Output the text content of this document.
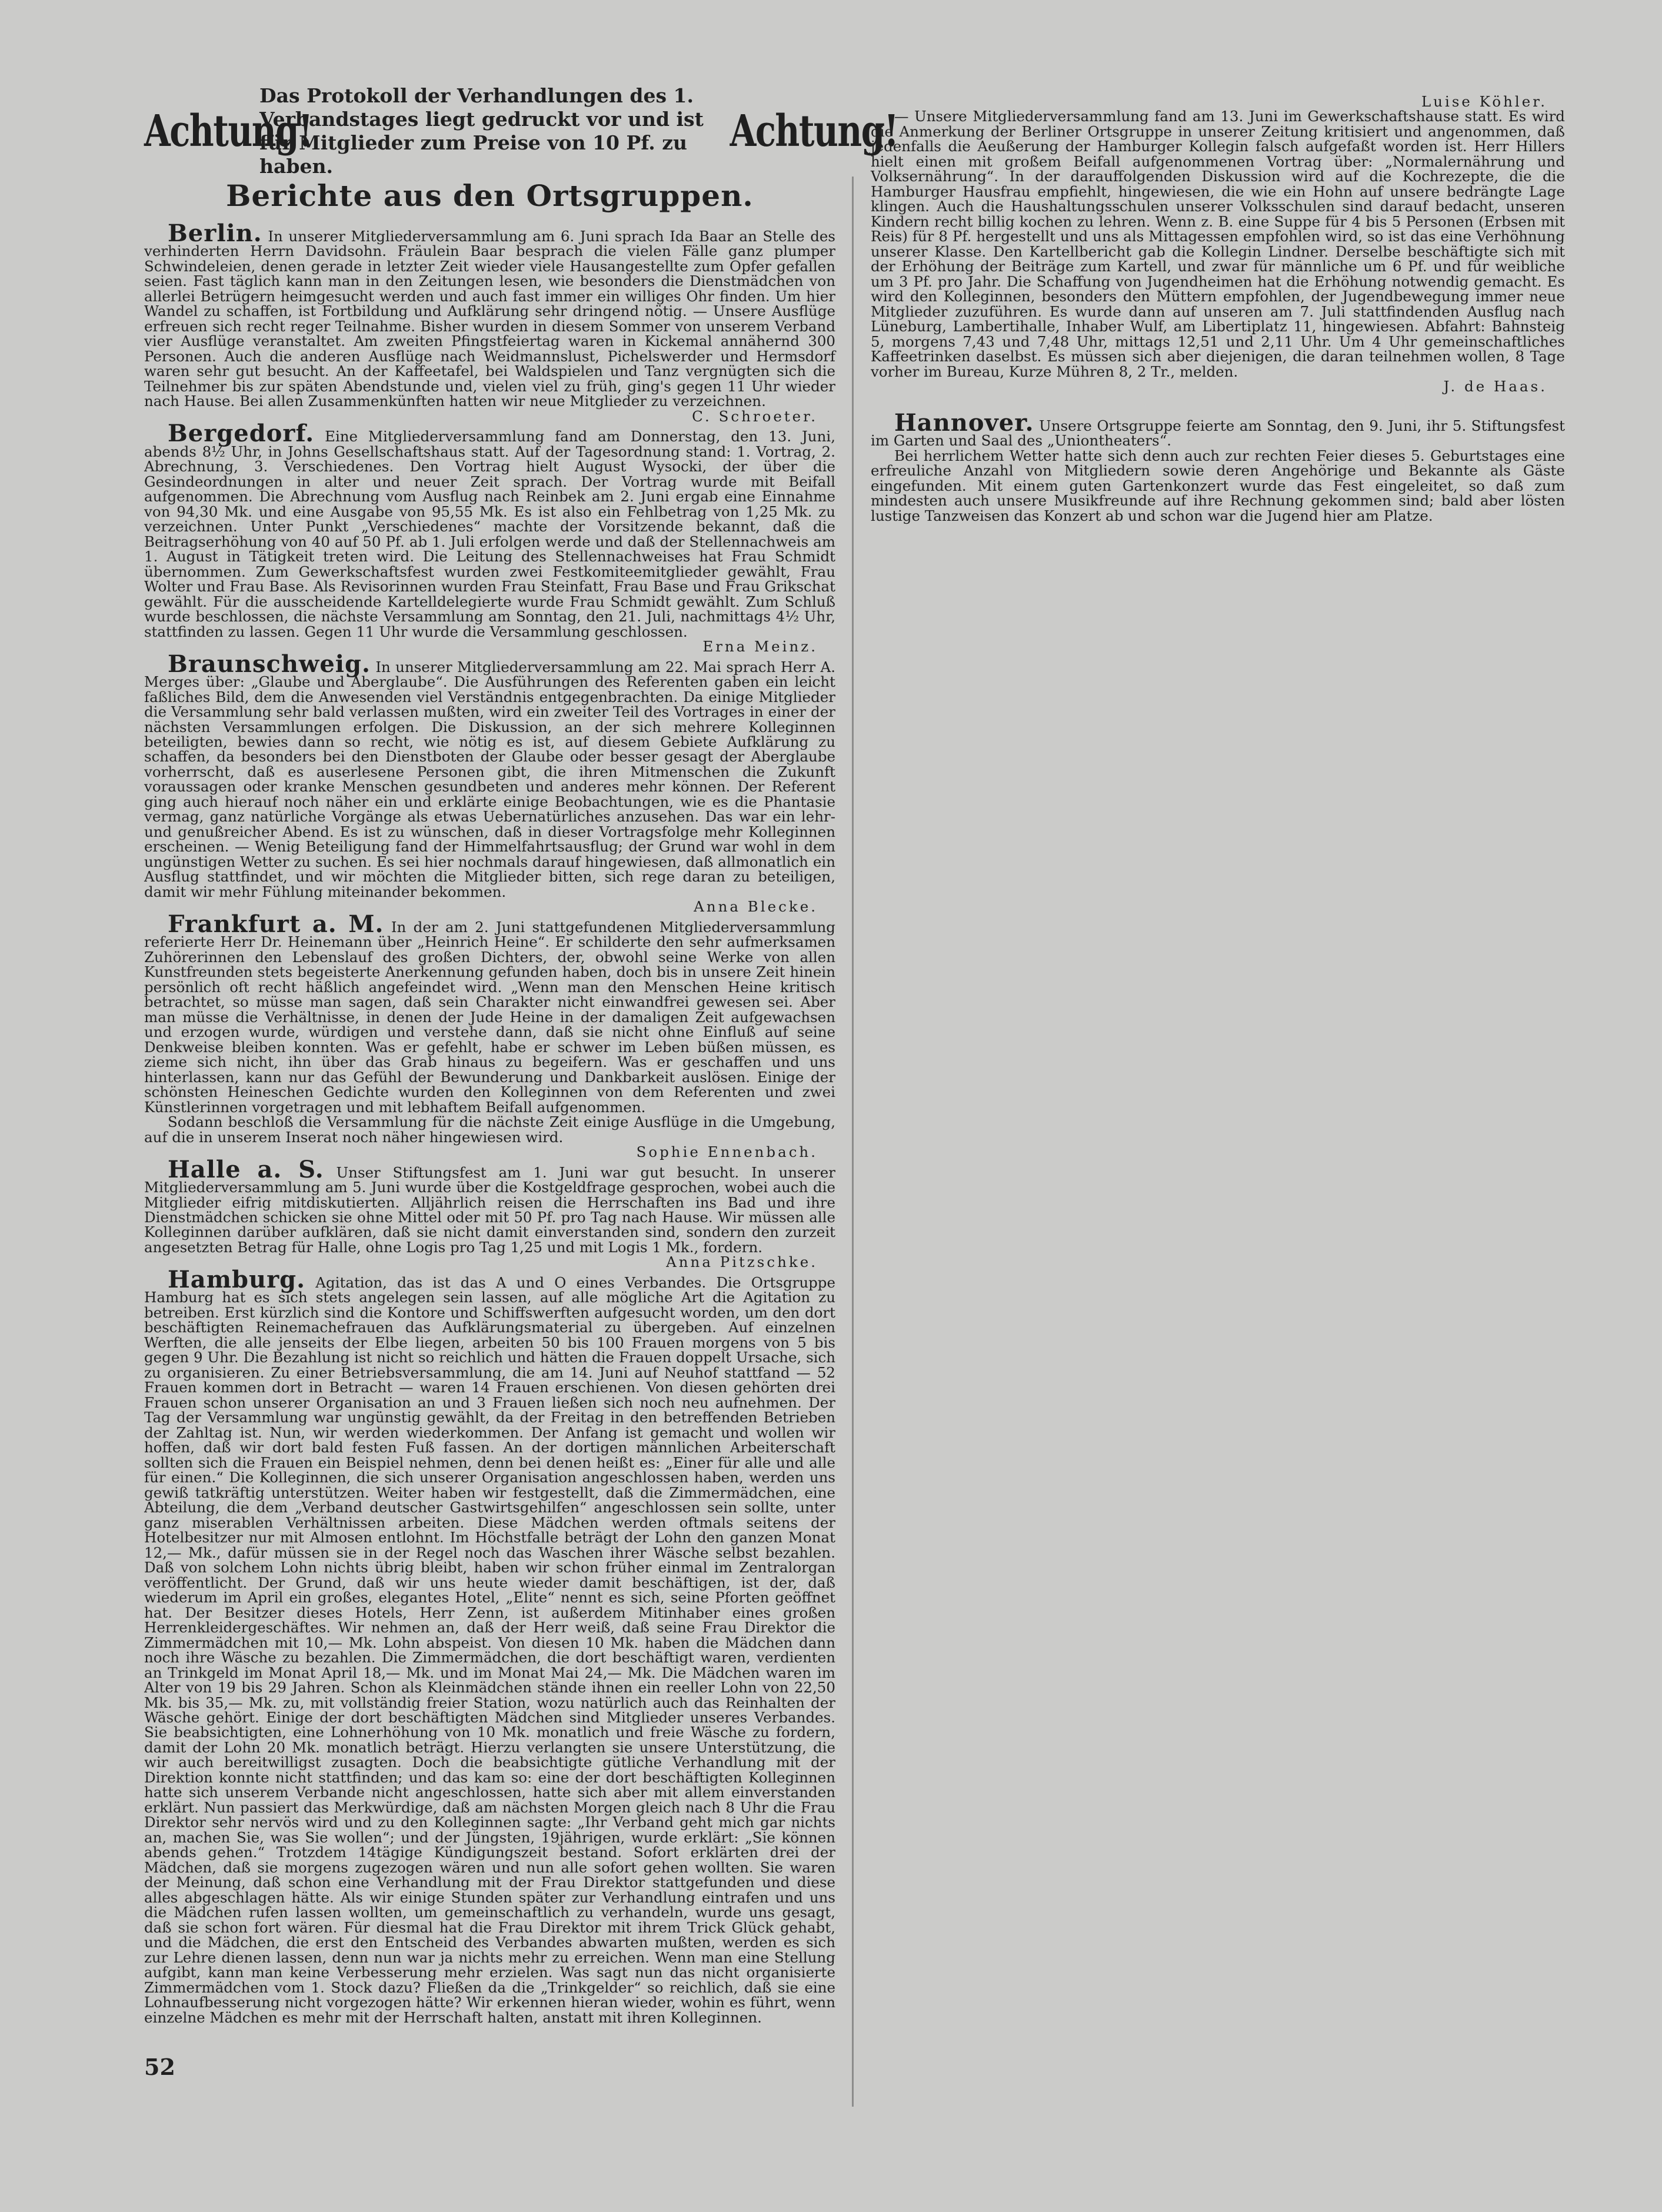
Achtung!
Das Protokoll der Verhandlungen des 1. Verbandstages liegt gedruckt vor und ist für Mitglieder zum Preise von 10 Pf. zu haben.
Achtung!
Berichte aus den Ortsgruppen.

Berlin. In unserer Mitgliederversammlung am 6. Juni sprach Ida Baar an Stelle des verhinderten Herrn Davidsohn. Fräulein Baar besprach die vielen Fälle ganz plumper Schwindeleien, denen gerade in letzter Zeit wieder viele Hausangestellte zum Opfer gefallen seien. Fast täglich kann man in den Zeitungen lesen, wie besonders die Dienstmädchen von allerlei Betrügern heimgesucht werden und auch fast immer ein williges Ohr finden. Um hier Wandel zu schaffen, ist Fortbildung und Aufklärung sehr dringend nötig. — Unsere Ausflüge erfreuen sich recht reger Teilnahme. Bisher wurden in diesem Sommer von unserem Verband vier Ausflüge veranstaltet. Am zweiten Pfingstfeiertag waren in Kickemal annähernd 300 Personen. Auch die anderen Ausflüge nach Weidmannslust, Pichelswerder und Hermsdorf waren sehr gut besucht. An der Kaffeetafel, bei Waldspielen und Tanz vergnügten sich die Teilnehmer bis zur späten Abendstunde und, vielen viel zu früh, ging's gegen 11 Uhr wieder nach Hause. Bei allen Zusammenkünften hatten wir neue Mitglieder zu verzeichnen.

C. Schroeter.

Bergedorf. Eine Mitgliederversammlung fand am Donnerstag, den 13. Juni, abends 8½ Uhr, in Johns Gesellschaftshaus statt. Auf der Tagesordnung stand: 1. Vortrag, 2. Abrechnung, 3. Verschiedenes. Den Vortrag hielt August Wysocki, der über die Gesindeordnungen in alter und neuer Zeit sprach. Der Vortrag wurde mit Beifall aufgenommen. Die Abrechnung vom Ausflug nach Reinbek am 2. Juni ergab eine Einnahme von 94,30 Mk. und eine Ausgabe von 95,55 Mk. Es ist also ein Fehlbetrag von 1,25 Mk. zu verzeichnen. Unter Punkt „Verschiedenes“ machte der Vorsitzende bekannt, daß die Beitragserhöhung von 40 auf 50 Pf. ab 1. Juli erfolgen werde und daß der Stellennachweis am 1. August in Tätigkeit treten wird. Die Leitung des Stellennachweises hat Frau Schmidt übernommen. Zum Gewerkschaftsfest wurden zwei Festkomiteemitglieder gewählt, Frau Wolter und Frau Base. Als Revisorinnen wurden Frau Steinfatt, Frau Base und Frau Grikschat gewählt. Für die ausscheidende Kartelldelegierte wurde Frau Schmidt gewählt. Zum Schluß wurde beschlossen, die nächste Versammlung am Sonntag, den 21. Juli, nachmittags 4½ Uhr, stattfinden zu lassen. Gegen 11 Uhr wurde die Versammlung geschlossen.

Erna Meinz.

Braunschweig. In unserer Mitgliederversammlung am 22. Mai sprach Herr A. Merges über: „Glaube und Aberglaube“. Die Ausführungen des Referenten gaben ein leicht faßliches Bild, dem die Anwesenden viel Verständnis entgegenbrachten. Da einige Mitglieder die Versammlung sehr bald verlassen mußten, wird ein zweiter Teil des Vortrages in einer der nächsten Versammlungen erfolgen. Die Diskussion, an der sich mehrere Kolleginnen beteiligten, bewies dann so recht, wie nötig es ist, auf diesem Gebiete Aufklärung zu schaffen, da besonders bei den Dienstboten der Glaube oder besser gesagt der Aberglaube vorherrscht, daß es auserlesene Personen gibt, die ihren Mitmenschen die Zukunft voraussagen oder kranke Menschen gesundbeten und anderes mehr können. Der Referent ging auch hierauf noch näher ein und erklärte einige Beobachtungen, wie es die Phantasie vermag, ganz natürliche Vorgänge als etwas Uebernatürliches anzusehen. Das war ein lehr- und genußreicher Abend. Es ist zu wünschen, daß in dieser Vortragsfolge mehr Kolleginnen erscheinen. — Wenig Beteiligung fand der Himmelfahrtsausflug; der Grund war wohl in dem ungünstigen Wetter zu suchen. Es sei hier nochmals darauf hingewiesen, daß allmonatlich ein Ausflug stattfindet, und wir möchten die Mitglieder bitten, sich rege daran zu beteiligen, damit wir mehr Fühlung miteinander bekommen.

Anna Blecke.

Frankfurt a. M. In der am 2. Juni stattgefundenen Mitgliederversammlung referierte Herr Dr. Heinemann über „Heinrich Heine“. Er schilderte den sehr aufmerksamen Zuhörerinnen den Lebenslauf des großen Dichters, der, obwohl seine Werke von allen Kunstfreunden stets begeisterte Anerkennung gefunden haben, doch bis in unsere Zeit hinein persönlich oft recht häßlich angefeindet wird. „Wenn man den Menschen Heine kritisch betrachtet, so müsse man sagen, daß sein Charakter nicht einwandfrei gewesen sei. Aber man müsse die Verhältnisse, in denen der Jude Heine in der damaligen Zeit aufgewachsen und erzogen wurde, würdigen und verstehe dann, daß sie nicht ohne Einfluß auf seine Denkweise bleiben konnten. Was er gefehlt, habe er schwer im Leben büßen müssen, es zieme sich nicht, ihn über das Grab hinaus zu begeifern. Was er geschaffen und uns hinterlassen, kann nur das Gefühl der Bewunderung und Dankbarkeit auslösen. Einige der schönsten Heineschen Gedichte wurden den Kolleginnen von dem Referenten und zwei Künstlerinnen vorgetragen und mit lebhaftem Beifall aufgenommen.

Sodann beschloß die Versammlung für die nächste Zeit einige Ausflüge in die Umgebung, auf die in unserem Inserat noch näher hingewiesen wird.

Sophie Ennenbach.

Halle a. S. Unser Stiftungsfest am 1. Juni war gut besucht. In unserer Mitgliederversammlung am 5. Juni wurde über die Kostgeldfrage gesprochen, wobei auch die Mitglieder eifrig mitdiskutierten. Alljährlich reisen die Herrschaften ins Bad und ihre Dienstmädchen schicken sie ohne Mittel oder mit 50 Pf. pro Tag nach Hause. Wir müssen alle Kolleginnen darüber aufklären, daß sie nicht damit einverstanden sind, sondern den zurzeit angesetzten Betrag für Halle, ohne Logis pro Tag 1,25 und mit Logis 1 Mk., fordern.

Anna Pitzschke.

Hamburg. Agitation, das ist das A und O eines Verbandes. Die Ortsgruppe Hamburg hat es sich stets angelegen sein lassen, auf alle mögliche Art die Agitation zu betreiben. Erst kürzlich sind die Kontore und Schiffswerften aufgesucht worden, um den dort beschäftigten Reinemachefrauen das Aufklärungsmaterial zu übergeben. Auf einzelnen Werften, die alle jenseits der Elbe liegen, arbeiten 50 bis 100 Frauen morgens von 5 bis gegen 9 Uhr. Die Bezahlung ist nicht so reichlich und hätten die Frauen doppelt Ursache, sich zu organisieren. Zu einer Betriebsversammlung, die am 14. Juni auf Neuhof stattfand — 52 Frauen kommen dort in Betracht — waren 14 Frauen erschienen. Von diesen gehörten drei Frauen schon unserer Organisation an und 3 Frauen ließen sich noch neu aufnehmen. Der Tag der Versammlung war ungünstig gewählt, da der Freitag in den betreffenden Betrieben der Zahltag ist. Nun, wir werden wiederkommen. Der Anfang ist gemacht und wollen wir hoffen, daß wir dort bald festen Fuß fassen. An der dortigen männlichen Arbeiterschaft sollten sich die Frauen ein Beispiel nehmen, denn bei denen heißt es: „Einer für alle und alle für einen.“ Die Kolleginnen, die sich unserer Organisation angeschlossen haben, werden uns gewiß tatkräftig unterstützen. Weiter haben wir festgestellt, daß die Zimmermädchen, eine Abteilung, die dem „Verband deutscher Gastwirtsgehilfen“ angeschlossen sein sollte, unter ganz miserablen Verhältnissen arbeiten. Diese Mädchen werden oftmals seitens der Hotelbesitzer nur mit Almosen entlohnt. Im Höchstfalle beträgt der Lohn den ganzen Monat 12,— Mk., dafür müssen sie in der Regel noch das Waschen ihrer Wäsche selbst bezahlen. Daß von solchem Lohn nichts übrig bleibt, haben wir schon früher einmal im Zentralorgan veröffentlicht. Der Grund, daß wir uns heute wieder damit beschäftigen, ist der, daß wiederum im April ein großes, elegantes Hotel, „Elite“ nennt es sich, seine Pforten geöffnet hat. Der Besitzer dieses Hotels, Herr Zenn, ist außerdem Mitinhaber eines großen Herrenkleidergeschäftes. Wir nehmen an, daß der Herr weiß, daß seine Frau Direktor die Zimmermädchen mit 10,— Mk. Lohn abspeist. Von diesen 10 Mk. haben die Mädchen dann noch ihre Wäsche zu bezahlen. Die Zimmermädchen, die dort beschäftigt waren, verdienten an Trinkgeld im Monat April 18,— Mk. und im Monat Mai 24,— Mk. Die Mädchen waren im Alter von 19 bis 29 Jahren. Schon als Kleinmädchen stände ihnen ein reeller Lohn von 22,50 Mk. bis 35,— Mk. zu, mit vollständig freier Station, wozu natürlich auch das Reinhalten der Wäsche gehört. Einige der dort beschäftigten Mädchen sind Mitglieder unseres Verbandes. Sie beabsichtigten, eine Lohnerhöhung von 10 Mk. monatlich und freie Wäsche zu fordern, damit der Lohn 20 Mk. monatlich beträgt. Hierzu verlangten sie unsere Unterstützung, die wir auch bereitwilligst zusagten. Doch die beabsichtigte gütliche Verhandlung mit der Direktion konnte nicht stattfinden; und das kam so: eine der dort beschäftigten Kolleginnen hatte sich unserem Verbande nicht angeschlossen, hatte sich aber mit allem einverstanden erklärt. Nun passiert das Merkwürdige, daß am nächsten Morgen gleich nach 8 Uhr die Frau Direktor sehr nervös wird und zu den Kolleginnen sagte: „Ihr Verband geht mich gar nichts an, machen Sie, was Sie wollen“; und der Jüngsten, 19jährigen, wurde erklärt: „Sie können abends gehen.“ Trotzdem 14tägige Kündigungszeit bestand. Sofort erklärten drei der Mädchen, daß sie morgens zugezogen wären und nun alle sofort gehen wollten. Sie waren der Meinung, daß schon eine Verhandlung mit der Frau Direktor stattgefunden und diese alles abgeschlagen hätte. Als wir einige Stunden später zur Verhandlung eintrafen und uns die Mädchen rufen lassen wollten, um gemeinschaftlich zu verhandeln, wurde uns gesagt, daß sie schon fort wären. Für diesmal hat die Frau Direktor mit ihrem Trick Glück gehabt, und die Mädchen, die erst den Entscheid des Verbandes abwarten mußten, werden es sich zur Lehre dienen lassen, denn nun war ja nichts mehr zu erreichen. Wenn man eine Stellung aufgibt, kann man keine Verbesserung mehr erzielen. Was sagt nun das nicht organisierte Zimmermädchen vom 1. Stock dazu? Fließen da die „Trinkgelder“ so reichlich, daß sie eine Lohnaufbesserung nicht vorgezogen hätte? Wir erkennen hieran wieder, wohin es führt, wenn einzelne Mädchen es mehr mit der Herrschaft halten, anstatt mit ihren Kolleginnen.

Luise Köhler.

— Unsere Mitgliederversammlung fand am 13. Juni im Gewerkschaftshause statt. Es wird die Anmerkung der Berliner Ortsgruppe in unserer Zeitung kritisiert und angenommen, daß jedenfalls die Aeußerung der Hamburger Kollegin falsch aufgefaßt worden ist. Herr Hillers hielt einen mit großem Beifall aufgenommenen Vortrag über: „Normalernährung und Volksernährung“. In der darauffolgenden Diskussion wird auf die Kochrezepte, die die Hamburger Hausfrau empfiehlt, hingewiesen, die wie ein Hohn auf unsere bedrängte Lage klingen. Auch die Haushaltungsschulen unserer Volksschulen sind darauf bedacht, unseren Kindern recht billig kochen zu lehren. Wenn z. B. eine Suppe für 4 bis 5 Personen (Erbsen mit Reis) für 8 Pf. hergestellt und uns als Mittagessen empfohlen wird, so ist das eine Verhöhnung unserer Klasse. Den Kartellbericht gab die Kollegin Lindner. Derselbe beschäftigte sich mit der Erhöhung der Beiträge zum Kartell, und zwar für männliche um 6 Pf. und für weibliche um 3 Pf. pro Jahr. Die Schaffung von Jugendheimen hat die Erhöhung notwendig gemacht. Es wird den Kolleginnen, besonders den Müttern empfohlen, der Jugendbewegung immer neue Mitglieder zuzuführen. Es wurde dann auf unseren am 7. Juli stattfindenden Ausflug nach Lüneburg, Lambertihalle, Inhaber Wulf, am Libertiplatz 11, hingewiesen. Abfahrt: Bahnsteig 5, morgens 7,43 und 7,48 Uhr, mittags 12,51 und 2,11 Uhr. Um 4 Uhr gemeinschaftliches Kaffeetrinken daselbst. Es müssen sich aber diejenigen, die daran teilnehmen wollen, 8 Tage vorher im Bureau, Kurze Mühren 8, 2 Tr., melden.

J. de Haas.

Hannover. Unsere Ortsgruppe feierte am Sonntag, den 9. Juni, ihr 5. Stiftungsfest im Garten und Saal des „Uniontheaters“.

Bei herrlichem Wetter hatte sich denn auch zur rechten Feier dieses 5. Geburtstages eine erfreuliche Anzahl von Mitgliedern sowie deren Angehörige und Bekannte als Gäste eingefunden. Mit einem guten Gartenkonzert wurde das Fest eingeleitet, so daß zum mindesten auch unsere Musikfreunde auf ihre Rechnung gekommen sind; bald aber lösten lustige Tanzweisen das Konzert ab und schon war die Jugend hier am Platze.

52
